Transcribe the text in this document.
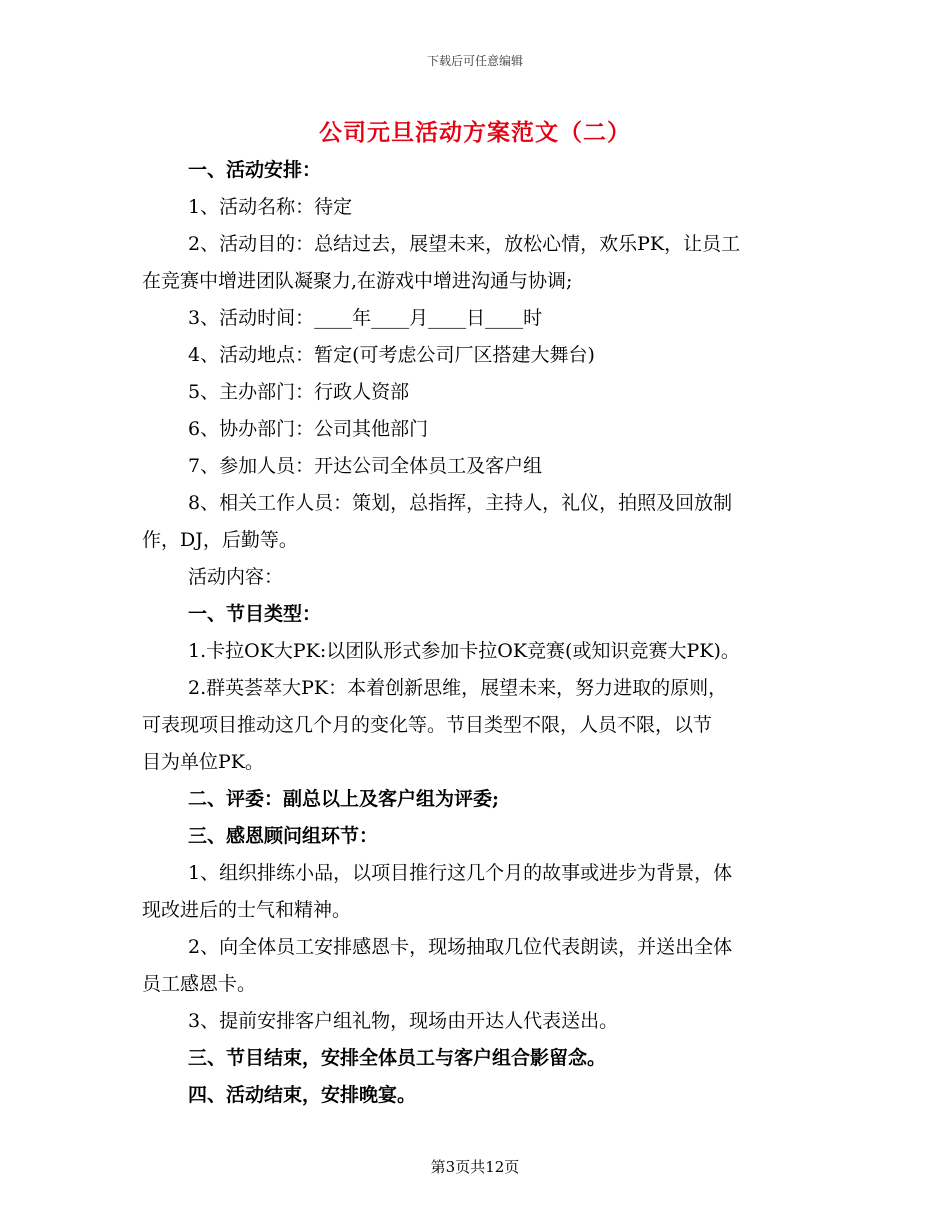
下载后可任意编辑
公司元旦活动方案范文（二）

一、活动安排：

1、活动名称：待定

2、活动目的：总结过去，展望未来，放松心情，欢乐PK，让员工

在竞赛中增进团队凝聚力,在游戏中增进沟通与协调;

3、活动时间：____年____月____日____时

4、活动地点：暂定(可考虑公司厂区搭建大舞台)

5、主办部门：行政人资部

6、协办部门：公司其他部门

7、参加人员：开达公司全体员工及客户组

8、相关工作人员：策划，总指挥，主持人，礼仪，拍照及回放制

作，DJ，后勤等。

活动内容：

一、节目类型：

1.卡拉OK大PK:以团队形式参加卡拉OK竞赛(或知识竞赛大PK)。

2.群英荟萃大PK：本着创新思维，展望未来，努力进取的原则，

可表现项目推动这几个月的变化等。节目类型不限，人员不限，以节

目为单位PK。

二、评委：副总以上及客户组为评委;

三、感恩顾问组环节：

1、组织排练小品，以项目推行这几个月的故事或进步为背景，体

现改进后的士气和精神。

2、向全体员工安排感恩卡，现场抽取几位代表朗读，并送出全体

员工感恩卡。

3、提前安排客户组礼物，现场由开达人代表送出。

三、节目结束，安排全体员工与客户组合影留念。

四、活动结束，安排晚宴。

第3页共12页
